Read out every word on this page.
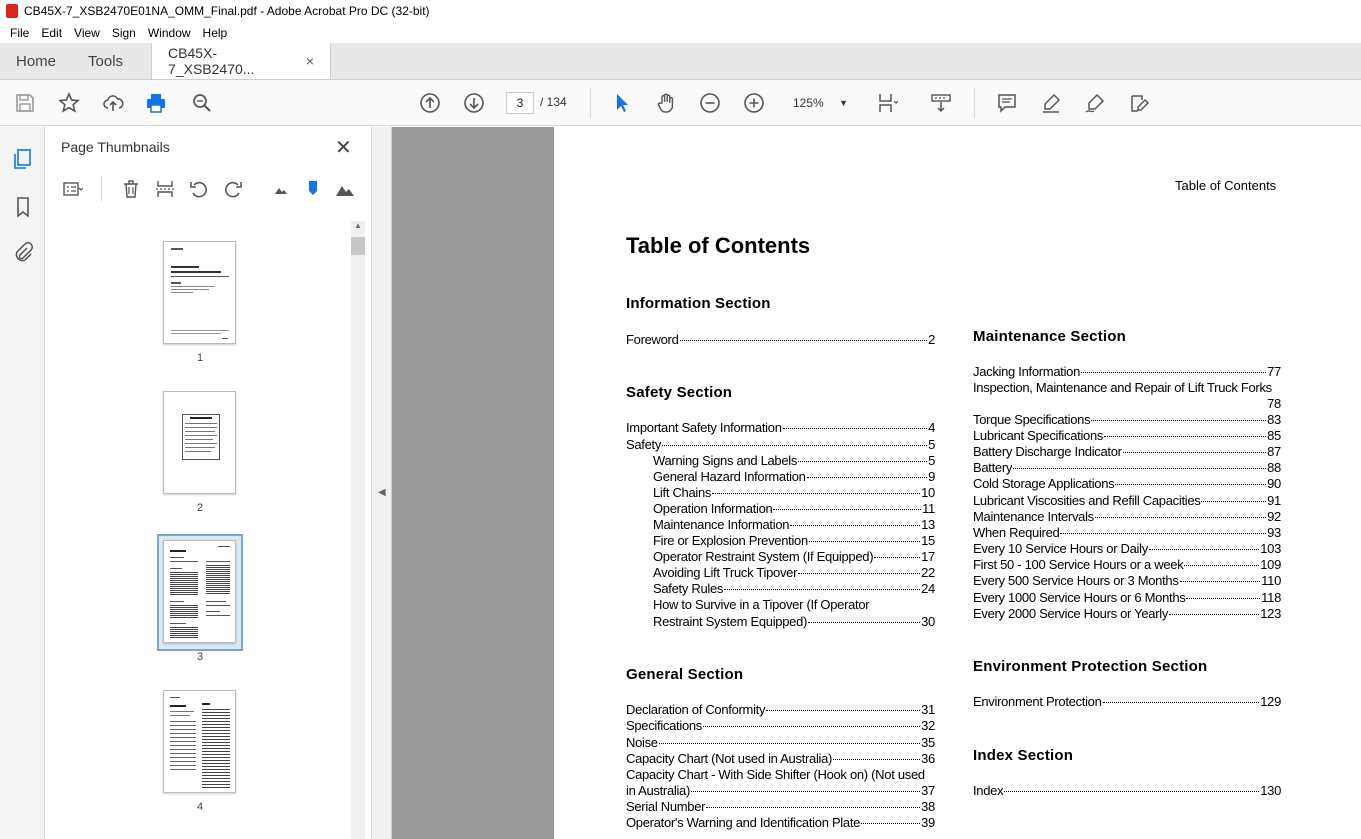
CB45X-7_XSB2470E01NA_OMM_Final.pdf - Adobe Acrobat Pro DC (32-bit)
File	Edit	View	Sign	Window	Help
Home	Tools	CB45X-7_XSB2470...	×
3	/ 134	125% ▼
Page Thumbnails	✕
▲
1
2
3
4
◀
Table of Contents
Table of Contents
Information Section
Foreword	2
Safety Section
Important Safety Information	4
Safety	5
Warning Signs and Labels	5
General Hazard Information	9
Lift Chains	10
Operation Information	11
Maintenance Information	13
Fire or Explosion Prevention	15
Operator Restraint System (If Equipped)	17
Avoiding Lift Truck Tipover	22
Safety Rules	24
How to Survive in a Tipover (If Operator
Restraint System Equipped)	30
General Section
Declaration of Conformity	31
Specifications	32
Noise	35
Capacity Chart (Not used in Australia)	36
Capacity Chart - With Side Shifter (Hook on) (Not used
in Australia)	37
Serial Number	38
Operator's Warning and Identification Plate	39
Maintenance Section
Jacking Information	77
Inspection, Maintenance and Repair of Lift Truck Forks
78
Torque Specifications	83
Lubricant Specifications	85
Battery Discharge Indicator	87
Battery	88
Cold Storage Applications	90
Lubricant Viscosities and Refill Capacities	91
Maintenance Intervals	92
When Required	93
Every 10 Service Hours or Daily	103
First 50 - 100 Service Hours or a week	109
Every 500 Service Hours or 3 Months	110
Every 1000 Service Hours or 6 Months	118
Every 2000 Service Hours or Yearly	123
Environment Protection Section
Environment Protection	129
Index Section
Index	130
